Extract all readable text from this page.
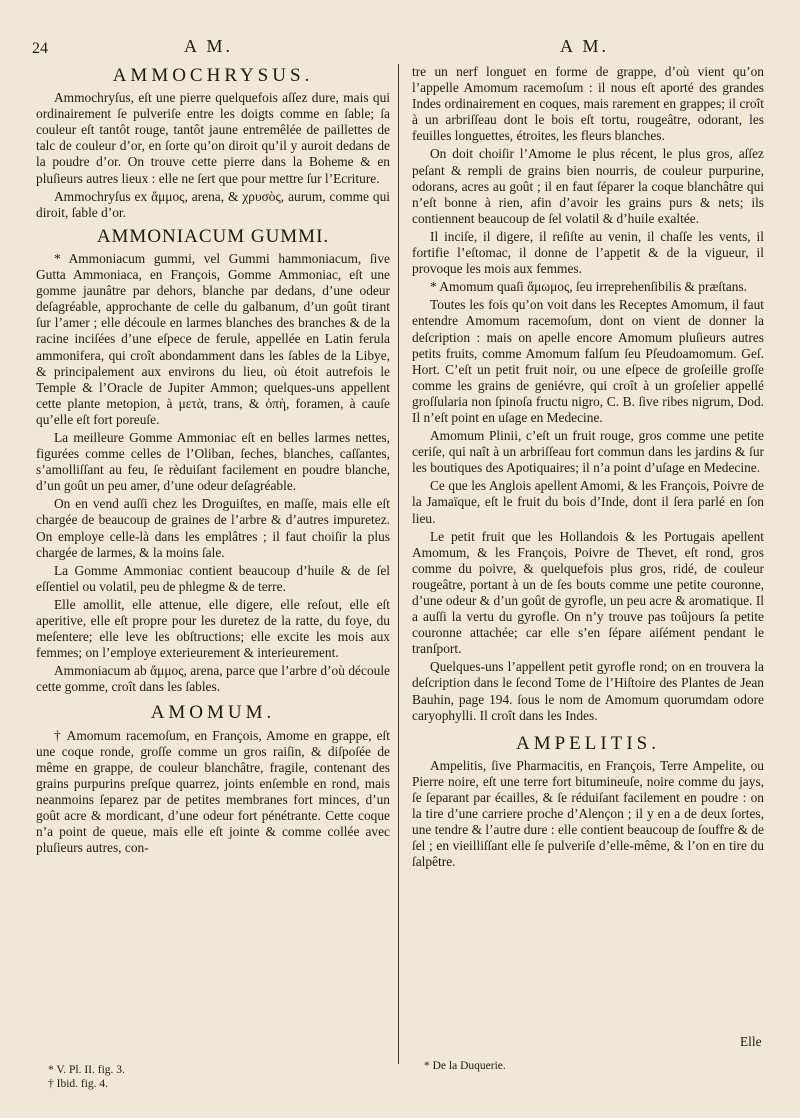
24	A M.	A M.
AMMOCHRYSUS.

Ammochryſus, eſt une pierre quelquefois aſſez dure, mais qui ordinairement ſe pulveriſe entre les doigts comme en ſable; ſa couleur eſt tantôt rouge, tantôt jaune entremêlée de paillettes de talc de couleur d’or, en ſorte qu’on diroit qu’il y auroit dedans de la poudre d’or. On trouve cette pierre dans la Boheme & en pluſieurs autres lieux : elle ne ſert que pour mettre ſur l’Ecriture.

Ammochryſus ex ἄμμος, arena, & χρυσὸς, aurum, comme qui diroit, ſable d’or.

AMMONIACUM GUMMI.

* Ammoniacum gummi, vel Gummi hammoniacum, ſive Gutta Ammoniaca, en François, Gomme Ammoniac, eſt une gomme jaunâtre par dehors, blanche par dedans, d’une odeur deſagréable, approchante de celle du galbanum, d’un goût tirant ſur l’amer ; elle découle en larmes blanches des branches & de la racine inciſées d’une eſpece de ferule, appellée en Latin ferula ammonifera, qui croît abondamment dans les ſables de la Libye, & principalement aux environs du lieu, où étoit autrefois le Temple & l’Oracle de Jupiter Ammon; quelques-uns appellent cette plante metopion, à μετὰ, trans, & ὀπὴ, foramen, à cauſe qu’elle eſt fort poreuſe.

La meilleure Gomme Ammoniac eſt en belles larmes nettes, figurées comme celles de l’Oliban, ſeches, blanches, caſſantes, s’amolliſſant au feu, ſe rèduiſant facilement en poudre blanche, d’un goût un peu amer, d’une odeur deſagréable.

On en vend auſſi chez les Droguiſtes, en maſſe, mais elle eſt chargée de beaucoup de graines de l’arbre & d’autres impuretez. On employe celle-là dans les emplâtres ; il faut choiſir la plus chargée de larmes, & la moins ſale.

La Gomme Ammoniac contient beaucoup d’huile & de ſel eſſentiel ou volatil, peu de phlegme & de terre.

Elle amollit, elle attenue, elle digere, elle reſout, elle eſt aperitive, elle eſt propre pour les duretez de la ratte, du foye, du meſentere; elle leve les obſtructions; elle excite les mois aux femmes; on l’employe exterieurement & interieurement.

Ammoniacum ab ἄμμος, arena, parce que l’arbre d’où découle cette gomme, croît dans les ſables.

AMOMUM.

† Amomum racemoſum, en François, Amome en grappe, eſt une coque ronde, groſſe comme un gros raiſin, & diſpoſée de même en grappe, de couleur blanchâtre, fragile, contenant des grains purpurins preſque quarrez, joints enſemble en rond, mais neanmoins ſeparez par de petites membranes fort minces, d’un goût acre & mordicant, d’une odeur fort pénétrante. Cette coque n’a point de queue, mais elle eſt jointe & comme collée avec pluſieurs autres, con-

* V. Pl. II. fig. 3.
† Ibid. fig. 4.

tre un nerf longuet en forme de grappe, d’où vient qu’on l’appelle Amomum racemoſum : il nous eſt aporté des grandes Indes ordinairement en coques, mais rarement en grappes; il croît à un arbriſſeau dont le bois eſt tortu, rougeâtre, odorant, les feuilles longuettes, étroites, les fleurs blanches.

On doit choiſir l’Amome le plus récent, le plus gros, aſſez peſant & rempli de grains bien nourris, de couleur purpurine, odorans, acres au goût ; il en faut ſéparer la coque blanchâtre qui n’eſt bonne à rien, afin d’avoir les grains purs & nets; ils contiennent beaucoup de ſel volatil & d’huile exaltée.

Il inciſe, il digere, il reſiſte au venin, il chaſſe les vents, il fortifie l’eſtomac, il donne de l’appetit & de la vigueur, il provoque les mois aux femmes.

* Amomum quaſi ἄμωμος, ſeu irreprehenſibilis & præſtans.

Toutes les fois qu’on voit dans les Receptes Amomum, il faut entendre Amomum racemoſum, dont on vient de donner la deſcription : mais on apelle encore Amomum pluſieurs autres petits fruits, comme Amomum falſum ſeu Pſeudoamomum. Geſ. Hort. C’eſt un petit fruit noir, ou une eſpece de groſeille groſſe comme les grains de geniévre, qui croît à un groſelier appellé groſſularia non ſpinoſa fructu nigro, C. B. ſive ribes nigrum, Dod. Il n’eſt point en uſage en Medecine.

Amomum Plinii, c’eſt un fruit rouge, gros comme une petite ceriſe, qui naît à un arbriſſeau fort commun dans les jardins & ſur les boutiques des Apotiquaires; il n’a point d’uſage en Medecine.

Ce que les Anglois apellent Amomi, & les François, Poivre de la Jamaïque, eſt le fruit du bois d’Inde, dont il ſera parlé en ſon lieu.

Le petit fruit que les Hollandois & les Portugais apellent Amomum, & les François, Poivre de Thevet, eſt rond, gros comme du poivre, & quelquefois plus gros, ridé, de couleur rougeâtre, portant à un de ſes bouts comme une petite couronne, d’une odeur & d’un goût de gyrofle, un peu acre & aromatique. Il a auſſi la vertu du gyrofle. On n’y trouve pas toûjours ſa petite couronne attachée; car elle s’en ſépare aiſément pendant le tranſport.

Quelques-uns l’appellent petit gyrofle rond; on en trouvera la deſcription dans le ſecond Tome de l’Hiſtoire des Plantes de Jean Bauhin, page 194. ſous le nom de Amomum quorumdam odore caryophylli. Il croît dans les Indes.

AMPELITIS.

Ampelitis, ſive Pharmacitis, en François, Terre Ampelite, ou Pierre noire, eſt une terre fort bitumineuſe, noire comme du jays, ſe ſeparant par écailles, & ſe réduiſant facilement en poudre : on la tire d’une carriere proche d’Alençon ; il y en a de deux ſortes, une tendre & l’autre dure : elle contient beaucoup de ſouffre & de ſel ; en vieilliſſant elle ſe pulveriſe d’elle-même, & l’on en tire du ſalpêtre.

Elle
* De la Duquerie.
